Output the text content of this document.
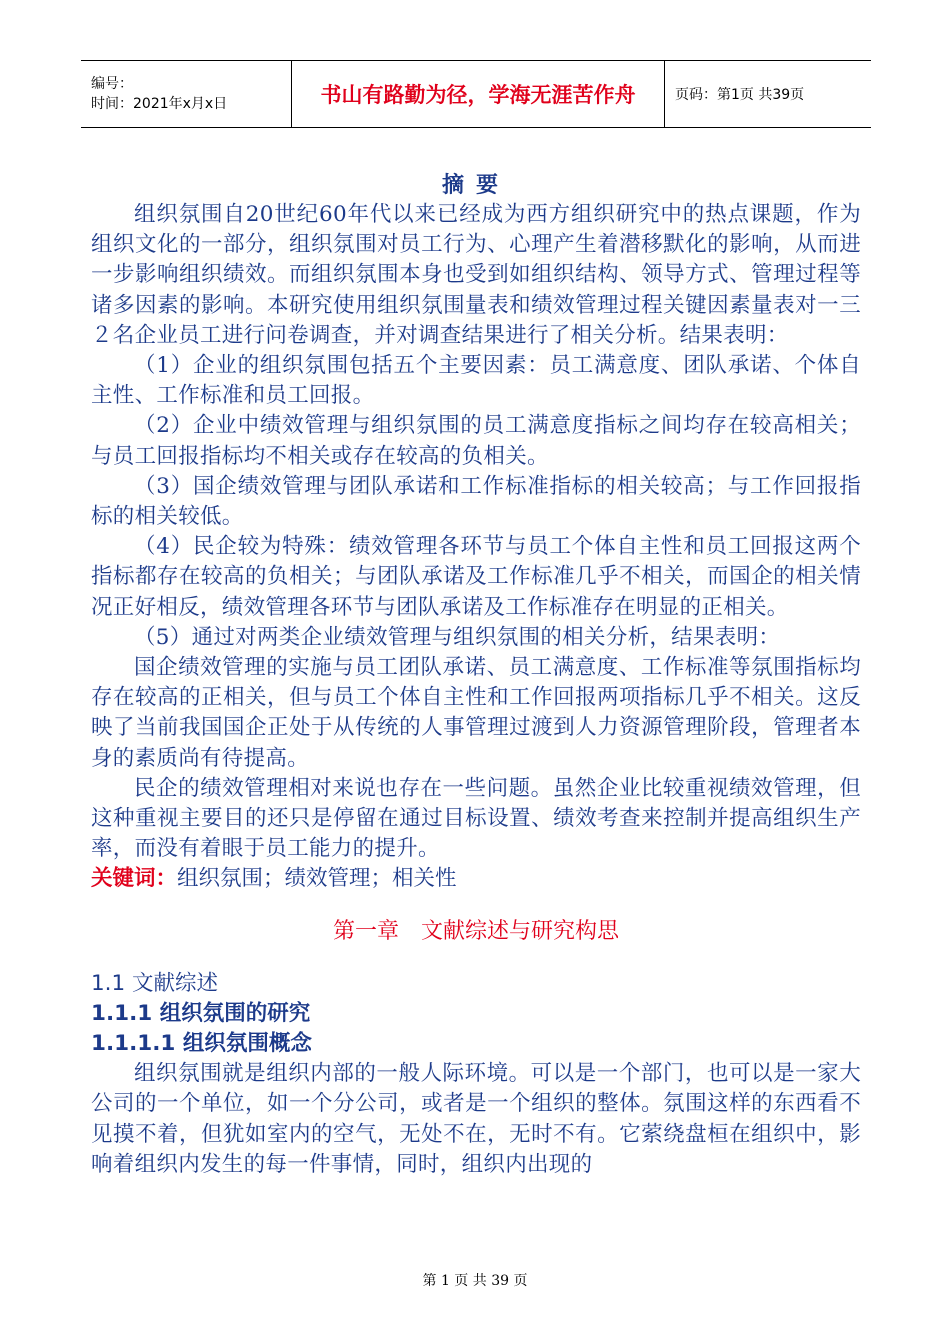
编号：
时间：2021年x月x日	书山有路勤为径，学海无涯苦作舟	页码：第1页 共39页
摘要

组织氛围自20世纪60年代以来已经成为西方组织研究中的热点课题，作为组织文化的一部分，组织氛围对员工行为、心理产生着潜移默化的影响，从而进一步影响组织绩效。而组织氛围本身也受到如组织结构、领导方式、管理过程等诸多因素的影响。本研究使用组织氛围量表和绩效管理过程关键因素量表对一三２名企业员工进行问卷调查，并对调查结果进行了相关分析。结果表明：

（1）企业的组织氛围包括五个主要因素：员工满意度、团队承诺、个体自主性、工作标准和员工回报。

（2）企业中绩效管理与组织氛围的员工满意度指标之间均存在较高相关；与员工回报指标均不相关或存在较高的负相关。

（3）国企绩效管理与团队承诺和工作标准指标的相关较高；与工作回报指标的相关较低。

（4）民企较为特殊：绩效管理各环节与员工个体自主性和员工回报这两个指标都存在较高的负相关；与团队承诺及工作标准几乎不相关，而国企的相关情况正好相反，绩效管理各环节与团队承诺及工作标准存在明显的正相关。

（5）通过对两类企业绩效管理与组织氛围的相关分析，结果表明：

国企绩效管理的实施与员工团队承诺、员工满意度、工作标准等氛围指标均存在较高的正相关，但与员工个体自主性和工作回报两项指标几乎不相关。这反映了当前我国国企正处于从传统的人事管理过渡到人力资源管理阶段，管理者本身的素质尚有待提高。

民企的绩效管理相对来说也存在一些问题。虽然企业比较重视绩效管理，但这种重视主要目的还只是停留在通过目标设置、绩效考查来控制并提高组织生产率，而没有着眼于员工能力的提升。

关键词：组织氛围；绩效管理；相关性

第一章　文献综述与研究构思
1.1 文献综述
1.1.1 组织氛围的研究
1.1.1.1 组织氛围概念

组织氛围就是组织内部的一般人际环境。可以是一个部门，也可以是一家大公司的一个单位，如一个分公司，或者是一个组织的整体。氛围这样的东西看不见摸不着，但犹如室内的空气，无处不在，无时不有。它萦绕盘桓在组织中，影响着组织内发生的每一件事情，同时，组织内出现的

第 1 页 共 39 页
